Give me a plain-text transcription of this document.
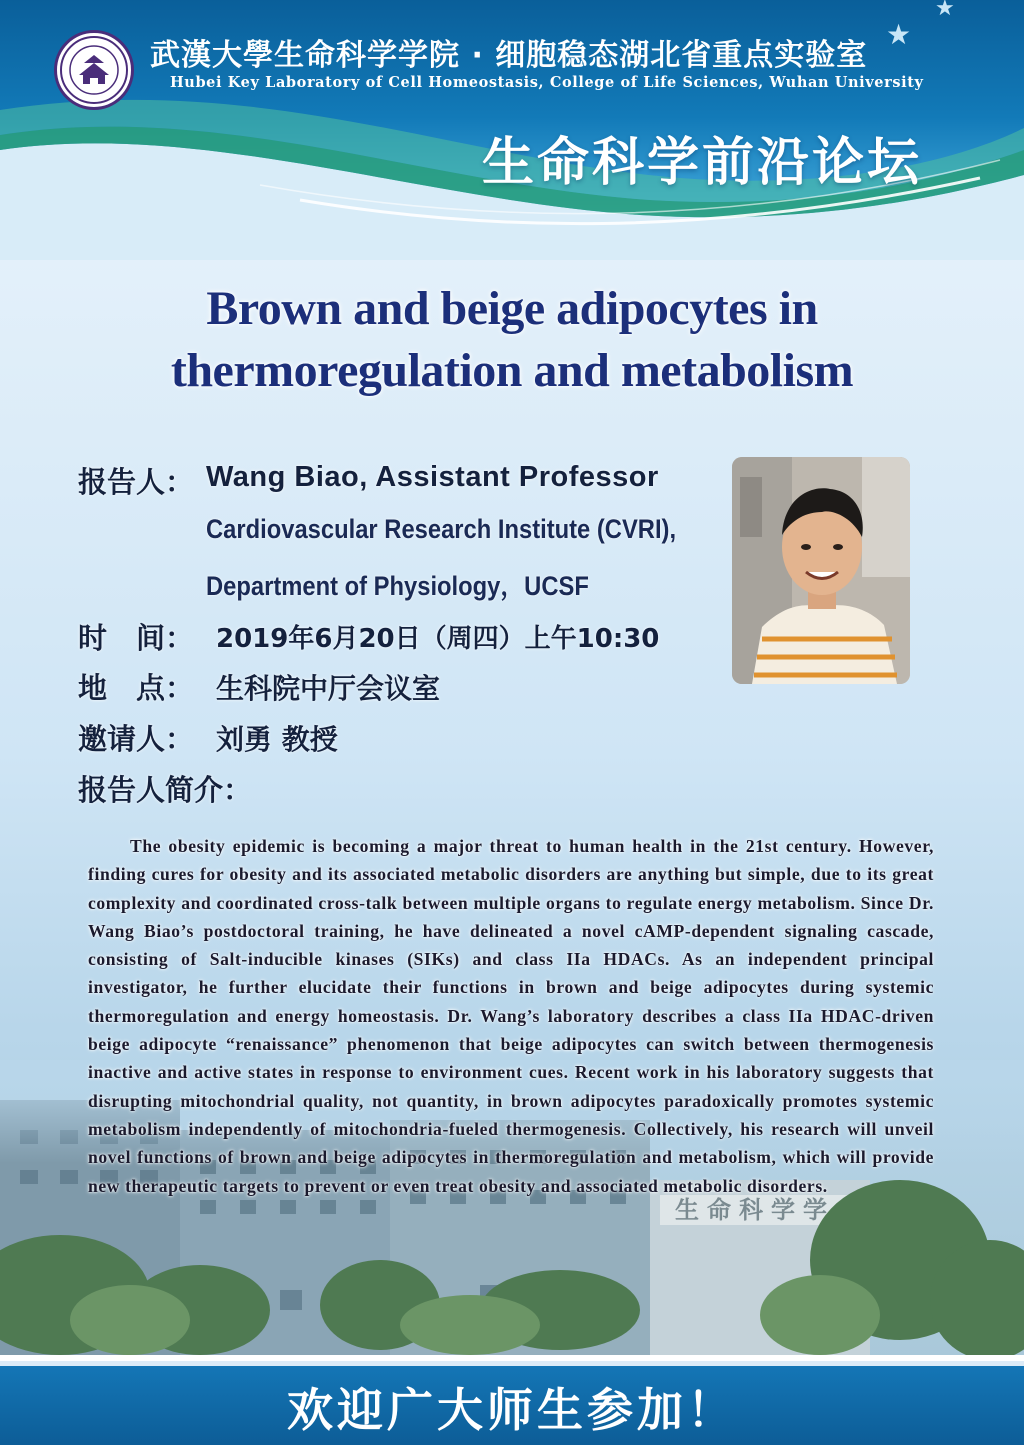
武漢大學生命科学学院 · 细胞稳态湖北省重点实验室
Hubei Key Laboratory of Cell Homeostasis, College of Life Sciences, Wuhan University
生命科学前沿论坛
★
★
生命科学学
Brown and beige adipocytes in
thermoregulation and metabolism
报告人： Wang Biao, Assistant Professor
Cardiovascular Research Institute (CVRI),
Department of Physiology，UCSF
时　间： 2019年6月20日（周四）上午10:30
地　点： 生科院中厅会议室
邀请人： 刘勇 教授
报告人简介：
The obesity epidemic is becoming a major threat to human health in the 21st century. However, finding cures for obesity and its associated metabolic disorders are anything but simple, due to its great complexity and coordinated cross-talk between multiple organs to regulate energy metabolism. Since Dr. Wang Biao’s postdoctoral training, he have delineated a novel cAMP-dependent signaling cascade, consisting of Salt-inducible kinases (SIKs) and class IIa HDACs. As an independent principal investigator, he further elucidate their functions in brown and beige adipocytes during systemic thermoregulation and energy homeostasis. Dr. Wang’s laboratory describes a class IIa HDAC-driven beige adipocyte “renaissance” phenomenon that beige adipocytes can switch between thermogenesis inactive and active states in response to environment cues. Recent work in his laboratory suggests that disrupting mitochondrial quality, not quantity, in brown adipocytes paradoxically promotes systemic metabolism independently of mitochondria-fueled thermogenesis. Collectively, his research will unveil novel functions of brown and beige adipocytes in thermoregulation and metabolism, which will provide new therapeutic targets to prevent or even treat obesity and associated metabolic disorders.
欢迎广大师生参加！
